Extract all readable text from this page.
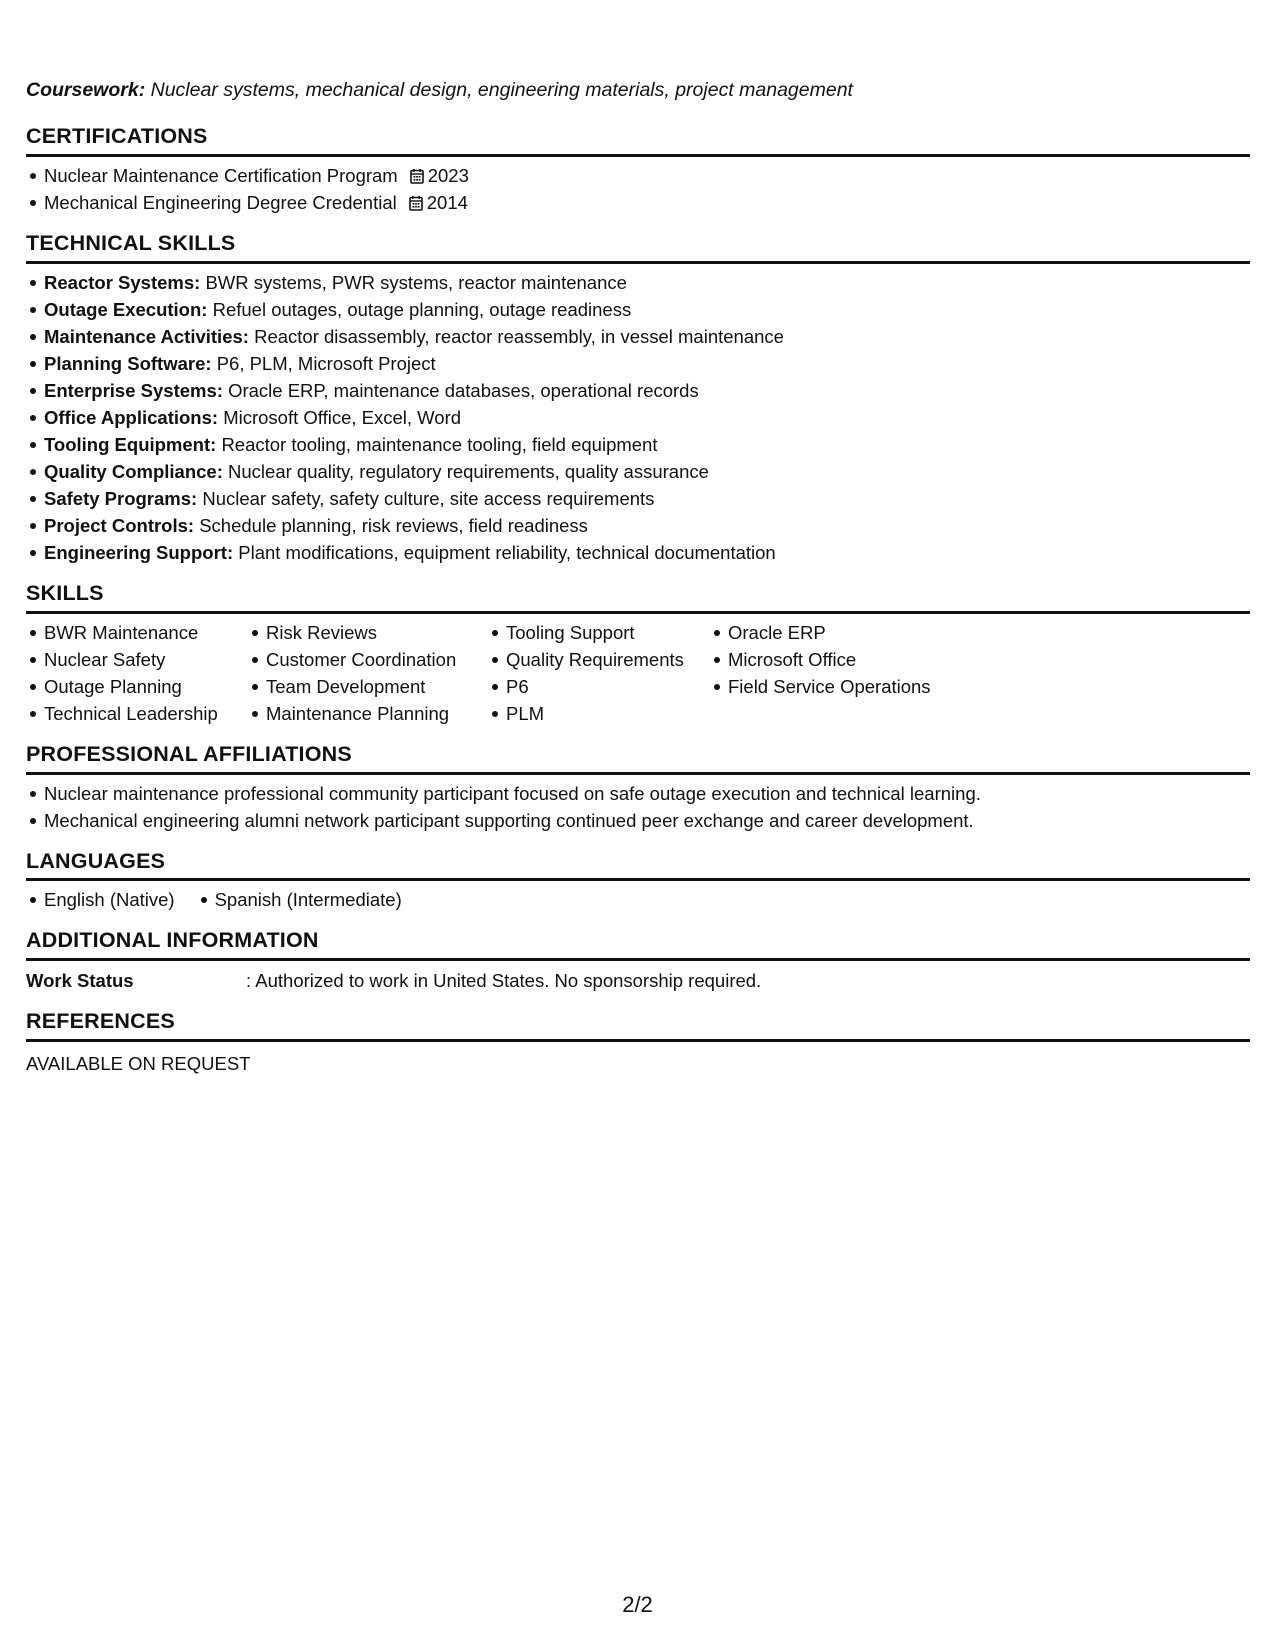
Coursework: Nuclear systems, mechanical design, engineering materials, project management

CERTIFICATIONS
Nuclear Maintenance Certification Program 2023
Mechanical Engineering Degree Credential 2014
TECHNICAL SKILLS
Reactor Systems: BWR systems, PWR systems, reactor maintenance
Outage Execution: Refuel outages, outage planning, outage readiness
Maintenance Activities: Reactor disassembly, reactor reassembly, in vessel maintenance
Planning Software: P6, PLM, Microsoft Project
Enterprise Systems: Oracle ERP, maintenance databases, operational records
Office Applications: Microsoft Office, Excel, Word
Tooling Equipment: Reactor tooling, maintenance tooling, field equipment
Quality Compliance: Nuclear quality, regulatory requirements, quality assurance
Safety Programs: Nuclear safety, safety culture, site access requirements
Project Controls: Schedule planning, risk reviews, field readiness
Engineering Support: Plant modifications, equipment reliability, technical documentation
SKILLS
BWR Maintenance
Nuclear Safety
Outage Planning
Technical Leadership
Risk Reviews
Customer Coordination
Team Development
Maintenance Planning
Tooling Support
Quality Requirements
P6
PLM
Oracle ERP
Microsoft Office
Field Service Operations
PROFESSIONAL AFFILIATIONS
Nuclear maintenance professional community participant focused on safe outage execution and technical learning.
Mechanical engineering alumni network participant supporting continued peer exchange and career development.
LANGUAGES
English (Native) Spanish (Intermediate)
ADDITIONAL INFORMATION
Work Status	: Authorized to work in United States. No sponsorship required.
REFERENCES

AVAILABLE ON REQUEST

2/2
